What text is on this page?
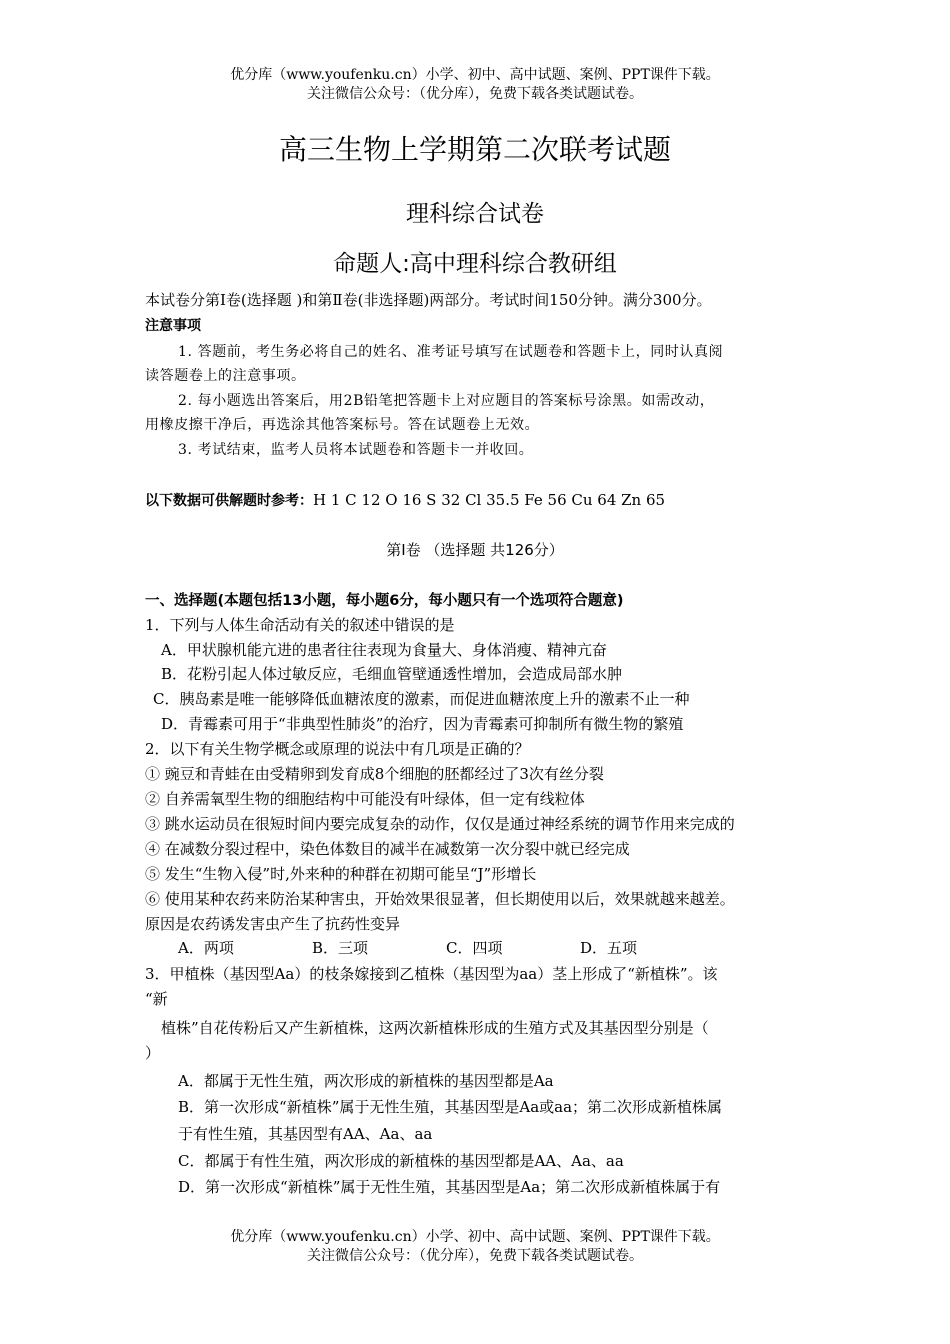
优分库（www.youfenku.cn）小学、初中、高中试题、案例、PPT课件下载。
关注微信公众号：（优分库），免费下载各类试题试卷。
高三生物上学期第二次联考试题
理科综合试卷
命题人:高中理科综合教研组
本试卷分第Ⅰ卷(选择题 )和第Ⅱ卷(非选择题)两部分。考试时间150分钟。满分300分。
注意事项
1. 答题前，考生务必将自己的姓名、准考证号填写在试题卷和答题卡上，同时认真阅
读答题卷上的注意事项。
2. 每小题选出答案后，用2B铅笔把答题卡上对应题目的答案标号涂黑。如需改动，
用橡皮擦干净后，再选涂其他答案标号。答在试题卷上无效。
3. 考试结束，监考人员将本试题卷和答题卡一并收回。
以下数据可供解题时参考：H 1 C 12 O 16 S 32 Cl 35.5 Fe 56 Cu 64 Zn 65
第Ⅰ卷 （选择题 共126分）
一、选择题(本题包括13小题，每小题6分，每小题只有一个选项符合题意)
1．下列与人体生命活动有关的叙述中错误的是
A．甲状腺机能亢进的患者往往表现为食量大、身体消瘦、精神亢奋
B．花粉引起人体过敏反应，毛细血管壁通透性增加，会造成局部水肿
C．胰岛素是唯一能够降低血糖浓度的激素，而促进血糖浓度上升的激素不止一种
D．青霉素可用于“非典型性肺炎”的治疗，因为青霉素可抑制所有微生物的繁殖
2．以下有关生物学概念或原理的说法中有几项是正确的？
① 豌豆和青蛙在由受精卵到发育成8个细胞的胚都经过了3次有丝分裂
② 自养需氧型生物的细胞结构中可能没有叶绿体，但一定有线粒体
③ 跳水运动员在很短时间内要完成复杂的动作，仅仅是通过神经系统的调节作用来完成的
④ 在减数分裂过程中，染色体数目的减半在减数第一次分裂中就已经完成
⑤ 发生“生物入侵”时,外来种的种群在初期可能呈“J”形增长
⑥ 使用某种农药来防治某种害虫，开始效果很显著，但长期使用以后，效果就越来越差。
原因是农药诱发害虫产生了抗药性变异
A．两项	B．三项	C．四项	D．五项
3．甲植株（基因型Aa）的枝条嫁接到乙植株（基因型为aa）茎上形成了“新植株”。该
“新
植株”自花传粉后又产生新植株，这两次新植株形成的生殖方式及其基因型分别是（
）
A．都属于无性生殖，两次形成的新植株的基因型都是Aa
B．第一次形成“新植株”属于无性生殖，其基因型是Aa或aa；第二次形成新植株属
于有性生殖，其基因型有AA、Aa、aa
C．都属于有性生殖，两次形成的新植株的基因型都是AA、Aa、aa
D．第一次形成“新植株”属于无性生殖，其基因型是Aa；第二次形成新植株属于有
优分库（www.youfenku.cn）小学、初中、高中试题、案例、PPT课件下载。
关注微信公众号：（优分库），免费下载各类试题试卷。
